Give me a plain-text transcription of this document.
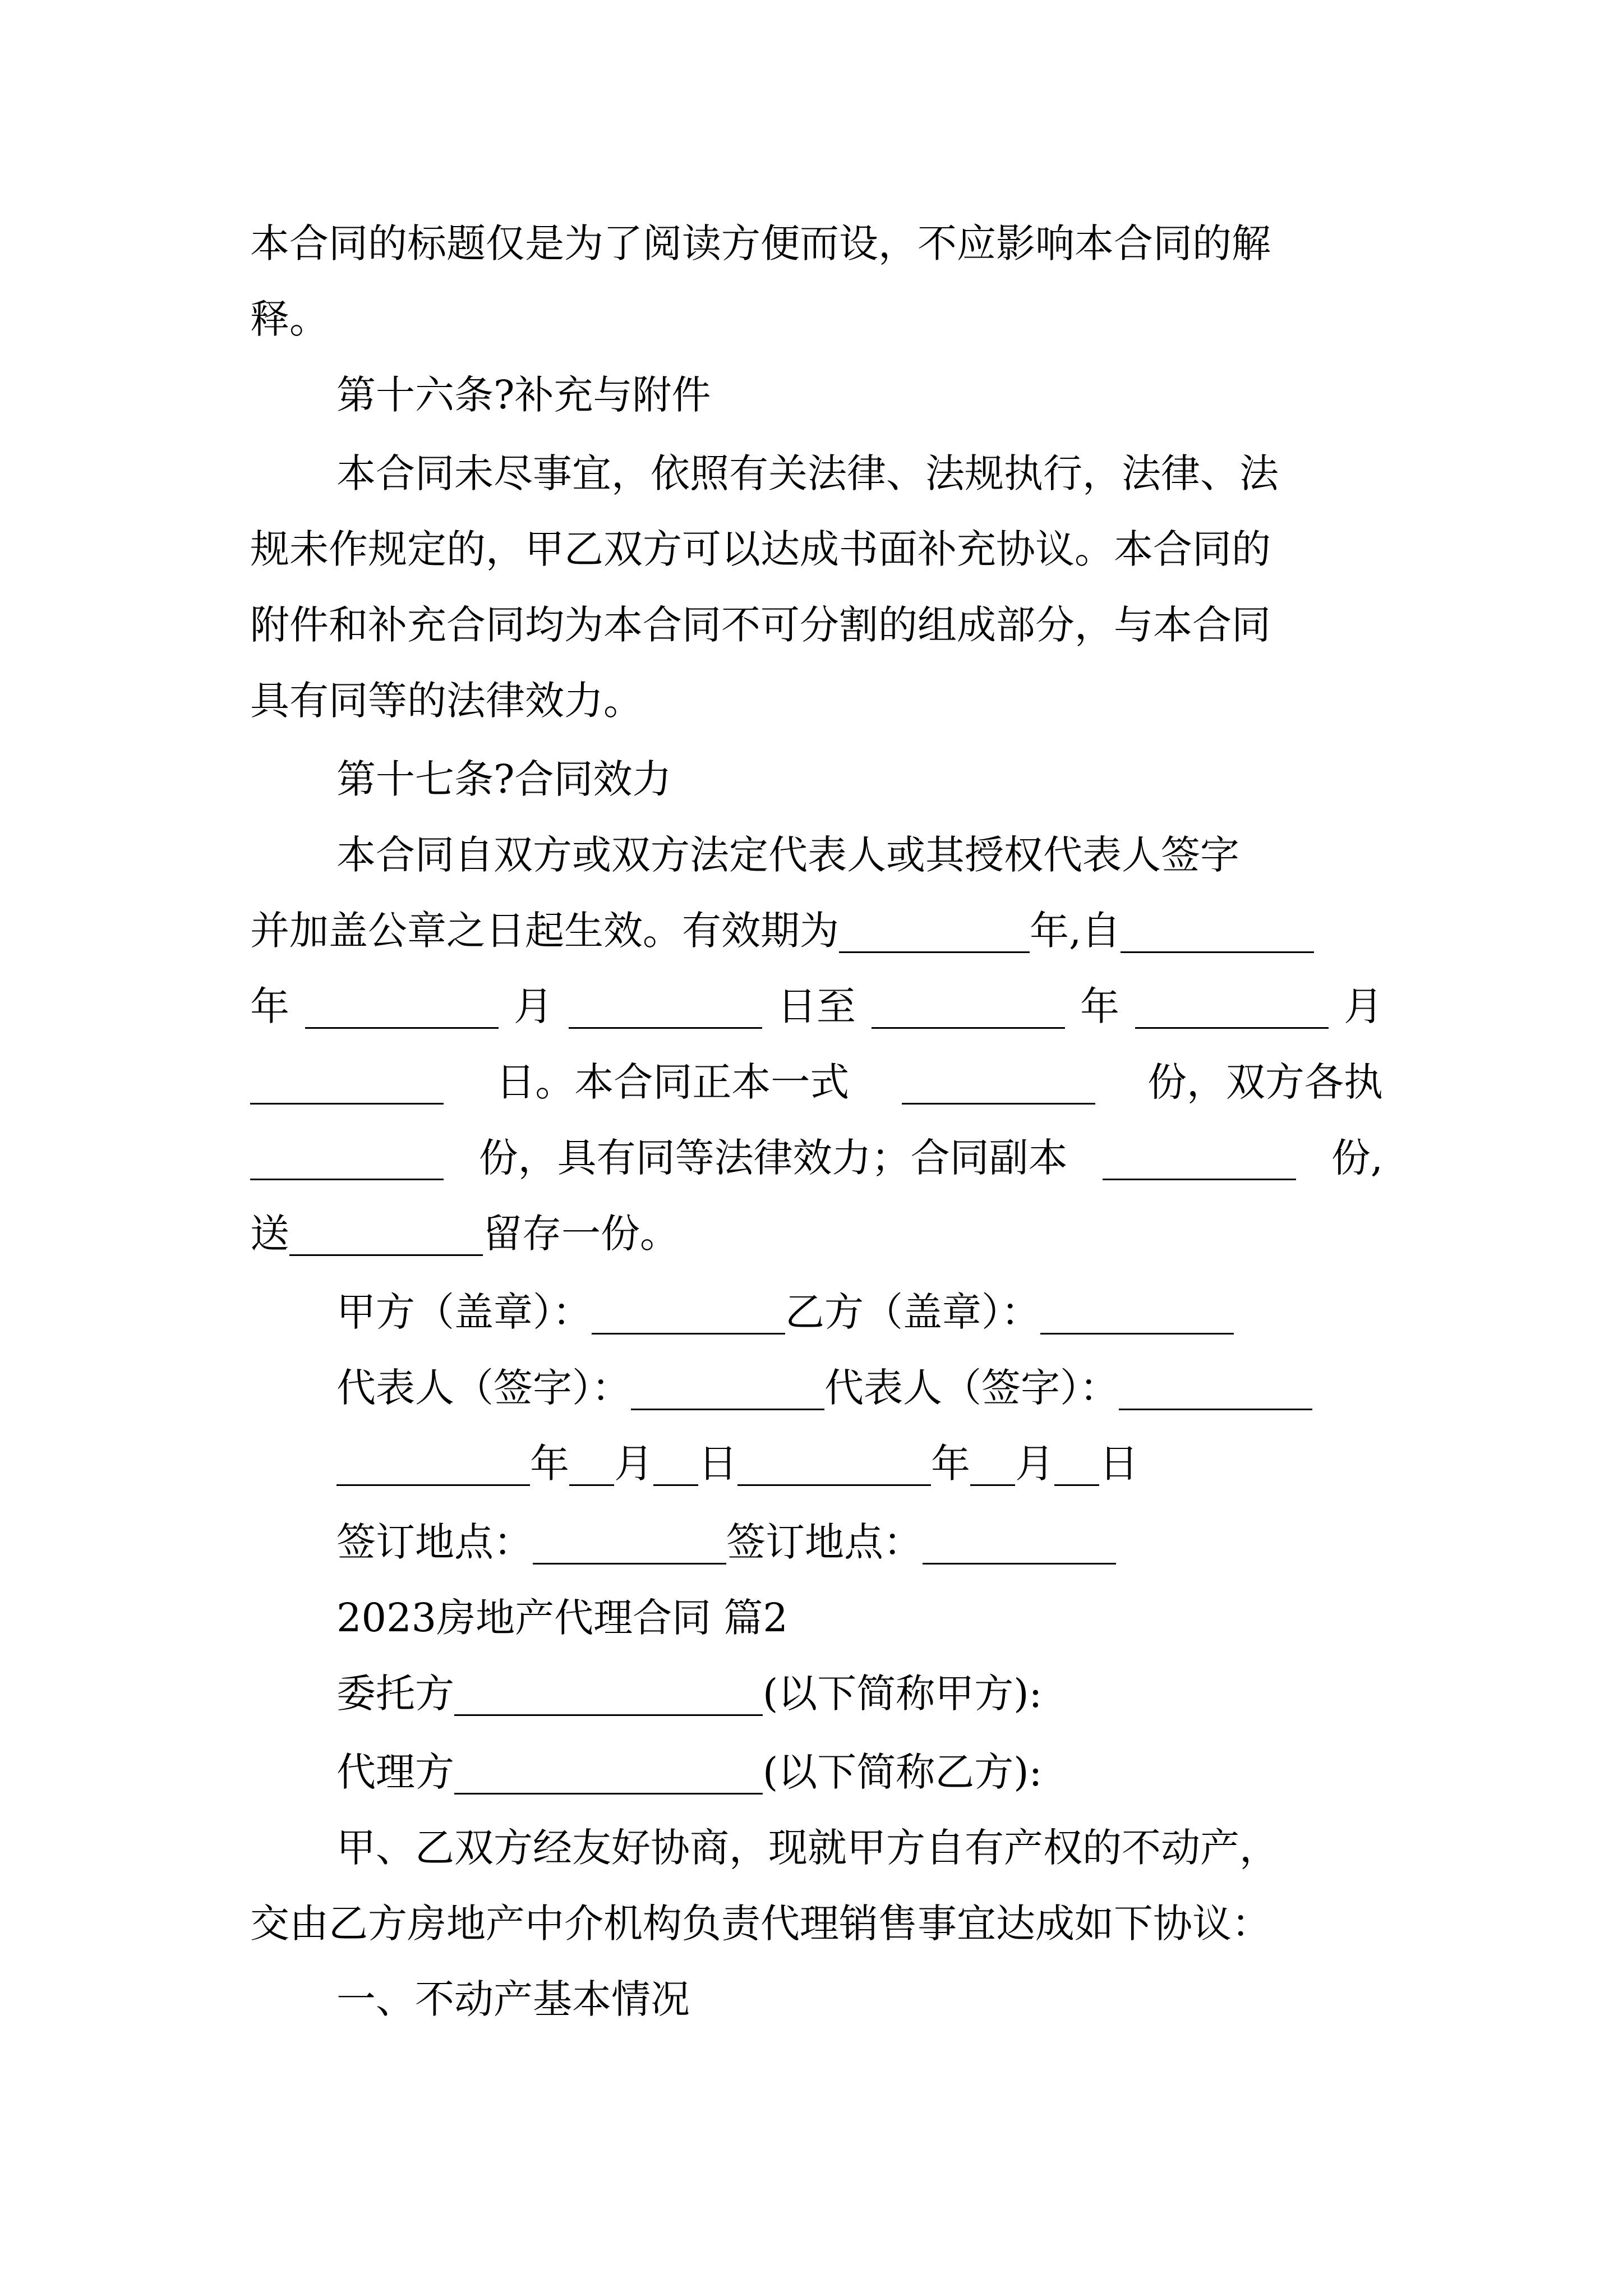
本合同的标题仅是为了阅读方便而设，不应影响本合同的解
释。
第十六条?补充与附件
本合同未尽事宜，依照有关法律、法规执行，法律、法
规未作规定的，甲乙双方可以达成书面补充协议。本合同的
附件和补充合同均为本合同不可分割的组成部分，与本合同
具有同等的法律效力。
第十七条?合同效力
本合同自双方或双方法定代表人或其授权代表人签字
并加盖公章之日起生效。有效期为	年,自
年	月	日至	年	月
日。本合同正本一式	份，双方各执
份，具有同等法律效力；合同副本	份,
送	留存一份。
甲方（盖章）：	乙方（盖章）：
代表人（签字）：	代表人（签字）：
年 月 日	年 月 日
签订地点：	签订地点：
2023房地产代理合同 篇2
委托方	(以下简称甲方):
代理方	(以下简称乙方):
甲、乙双方经友好协商，现就甲方自有产权的不动产，
交由乙方房地产中介机构负责代理销售事宜达成如下协议：
一、不动产基本情况
